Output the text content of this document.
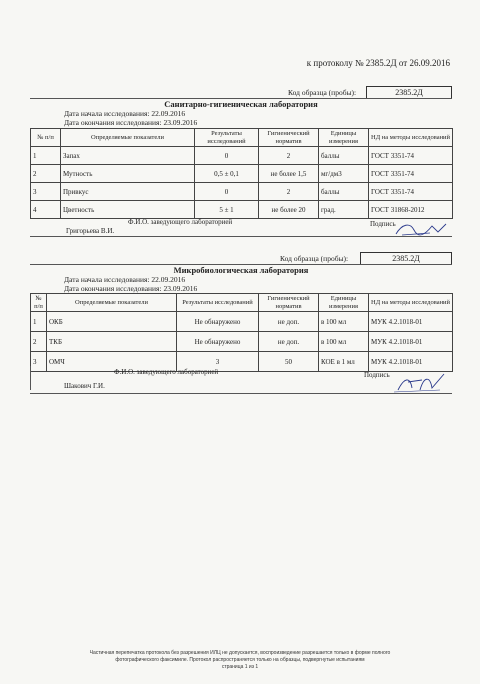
к протоколу № 2385.2Д от 26.09.2016
Код образца (пробы):	2385.2Д
Санитарно-гигиеническая лаборатория
Дата начала исследования: 22.09.2016
Дата окончания исследования: 23.09.2016
№ п/п	Определяемые показатели	Результаты исследований	Гигиенический норматив	Единицы измерения	НД на методы исследований
1	Запах	0	2	баллы	ГОСТ 3351-74
2	Мутность	0,5 ± 0,1	не более 1,5	мг/дм3	ГОСТ 3351-74
3	Привкус	0	2	баллы	ГОСТ 3351-74
4	Цветность	5 ± 1	не более 20	град.	ГОСТ 31868-2012
Ф.И.О. заведующего лабораторией	Подпись
Григорьева В.И.
Код образца (пробы):	2385.2Д
Микробиологическая лаборатория
Дата начала исследования: 22.09.2016
Дата окончания исследования: 23.09.2016
№ п/п	Определяемые показатели	Результаты исследований	Гигиенический норматив	Единицы измерения	НД на методы исследований
1	ОКБ	Не обнаружено	не доп.	в 100 мл	МУК 4.2.1018-01
2	ТКБ	Не обнаружено	не доп.	в 100 мл	МУК 4.2.1018-01
3	ОМЧ	3	50	КОЕ в 1 мл	МУК 4.2.1018-01
Ф.И.О. заведующего лабораторией	Подпись
Шакович Г.И.
Частичная перепечатка протокола без разрешения ИЛЦ не допускается, воспроизведение разрешается только в форме полного
фотографического факсимиле. Протокол распространяется только на образцы, подвергнутые испытаниям
страница 1 из 1
